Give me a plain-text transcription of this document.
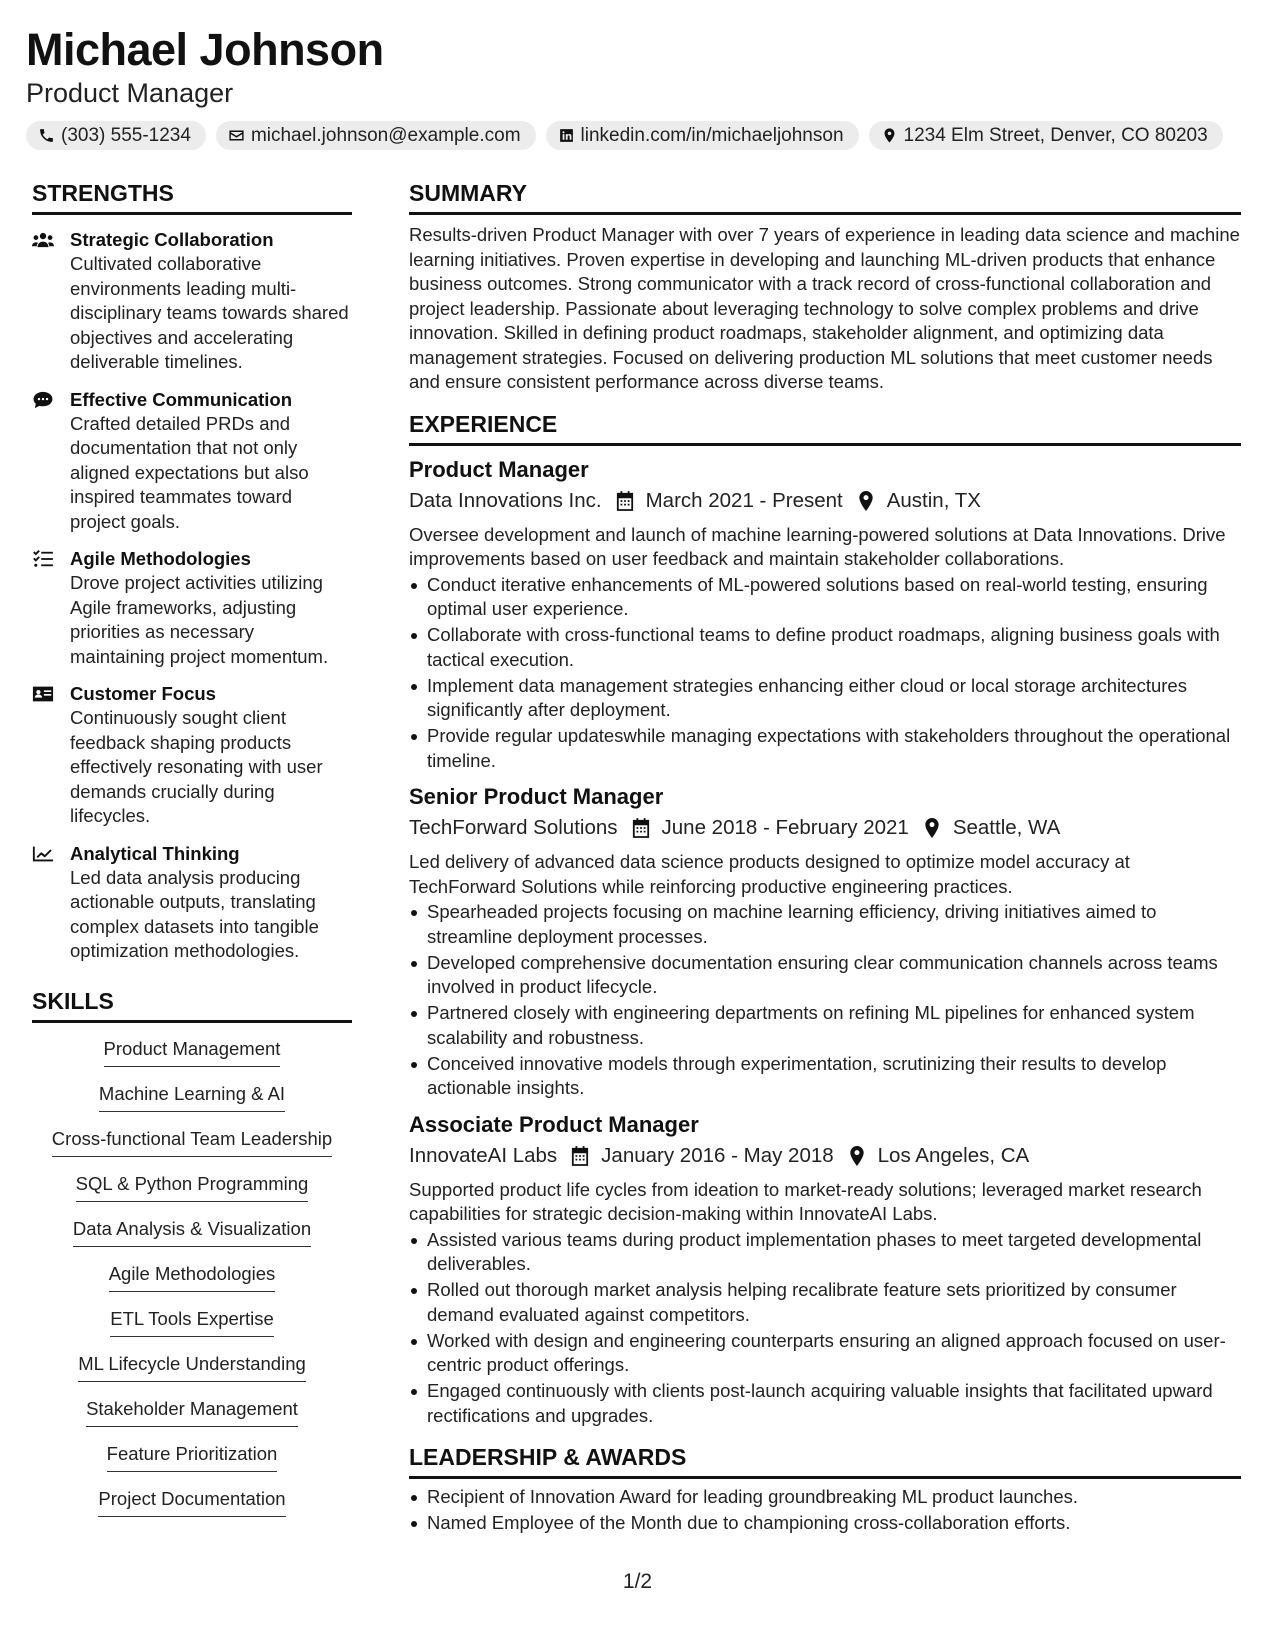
Michael Johnson
Product Manager
(303) 555-1234	michael.johnson@example.com	linkedin.com/in/michaeljohnson	1234 Elm Street, Denver, CO 80203
STRENGTHS
Strategic Collaboration
Cultivated collaborative environments leading multi-disciplinary teams towards shared objectives and accelerating deliverable timelines.
Effective Communication
Crafted detailed PRDs and documentation that not only aligned expectations but also inspired teammates toward project goals.
Agile Methodologies
Drove project activities utilizing Agile frameworks, adjusting priorities as necessary maintaining project momentum.
Customer Focus
Continuously sought client feedback shaping products effectively resonating with user demands crucially during lifecycles.
Analytical Thinking
Led data analysis producing actionable outputs, translating complex datasets into tangible optimization methodologies.
SKILLS
Product Management
Machine Learning & AI
Cross-functional Team Leadership
SQL & Python Programming
Data Analysis & Visualization
Agile Methodologies
ETL Tools Expertise
ML Lifecycle Understanding
Stakeholder Management
Feature Prioritization
Project Documentation
SUMMARY
Results-driven Product Manager with over 7 years of experience in leading data science and machine learning initiatives. Proven expertise in developing and launching ML-driven products that enhance business outcomes. Strong communicator with a track record of cross-functional collaboration and project leadership. Passionate about leveraging technology to solve complex problems and drive innovation. Skilled in defining product roadmaps, stakeholder alignment, and optimizing data management strategies. Focused on delivering production ML solutions that meet customer needs and ensure consistent performance across diverse teams.
EXPERIENCE
Product Manager
Data Innovations Inc. March 2021 - Present Austin, TX
Oversee development and launch of machine learning-powered solutions at Data Innovations. Drive improvements based on user feedback and maintain stakeholder collaborations.
Conduct iterative enhancements of ML-powered solutions based on real-world testing, ensuring optimal user experience.
Collaborate with cross-functional teams to define product roadmaps, aligning business goals with tactical execution.
Implement data management strategies enhancing either cloud or local storage architectures significantly after deployment.
Provide regular updateswhile managing expectations with stakeholders throughout the operational timeline.
Senior Product Manager
TechForward Solutions June 2018 - February 2021 Seattle, WA
Led delivery of advanced data science products designed to optimize model accuracy at TechForward Solutions while reinforcing productive engineering practices.
Spearheaded projects focusing on machine learning efficiency, driving initiatives aimed to streamline deployment processes.
Developed comprehensive documentation ensuring clear communication channels across teams involved in product lifecycle.
Partnered closely with engineering departments on refining ML pipelines for enhanced system scalability and robustness.
Conceived innovative models through experimentation, scrutinizing their results to develop actionable insights.
Associate Product Manager
InnovateAI Labs January 2016 - May 2018 Los Angeles, CA
Supported product life cycles from ideation to market-ready solutions; leveraged market research capabilities for strategic decision-making within InnovateAI Labs.
Assisted various teams during product implementation phases to meet targeted developmental deliverables.
Rolled out thorough market analysis helping recalibrate feature sets prioritized by consumer demand evaluated against competitors.
Worked with design and engineering counterparts ensuring an aligned approach focused on user-centric product offerings.
Engaged continuously with clients post-launch acquiring valuable insights that facilitated upward rectifications and upgrades.
LEADERSHIP & AWARDS
Recipient of Innovation Award for leading groundbreaking ML product launches.
Named Employee of the Month due to championing cross-collaboration efforts.
1/2
